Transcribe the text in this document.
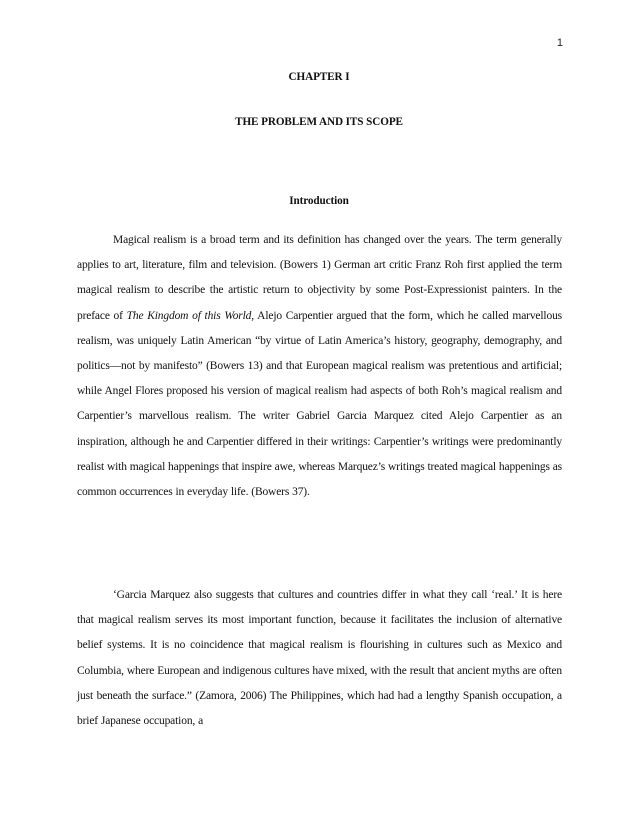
1
CHAPTER I
THE PROBLEM AND ITS SCOPE
Introduction

Magical realism is a broad term and its definition has changed over the years. The term generally applies to art, literature, film and television. (Bowers 1) German art critic Franz Roh first applied the term magical realism to describe the artistic return to objectivity by some Post-Expressionist painters. In the preface of The Kingdom of this World, Alejo Carpentier argued that the form, which he called marvellous realism, was uniquely Latin American “by virtue of Latin America’s history, geography, demography, and politics—not by manifesto” (Bowers 13) and that European magical realism was pretentious and artificial; while Angel Flores proposed his version of magical realism had aspects of both Roh’s magical realism and Carpentier’s marvellous realism. The writer Gabriel Garcia Marquez cited Alejo Carpentier as an inspiration, although he and Carpentier differed in their writings: Carpentier’s writings were predominantly realist with magical happenings that inspire awe, whereas Marquez’s writings treated magical happenings as common occurrences in everyday life. (Bowers 37).

‘Garcia Marquez also suggests that cultures and countries differ in what they call ‘real.’ It is here that magical realism serves its most important function, because it facilitates the inclusion of alternative belief systems. It is no coincidence that magical realism is flourishing in cultures such as Mexico and Columbia, where European and indigenous cultures have mixed, with the result that ancient myths are often just beneath the surface.” (Zamora, 2006) The Philippines, which had had a lengthy Spanish occupation, a brief Japanese occupation, a
